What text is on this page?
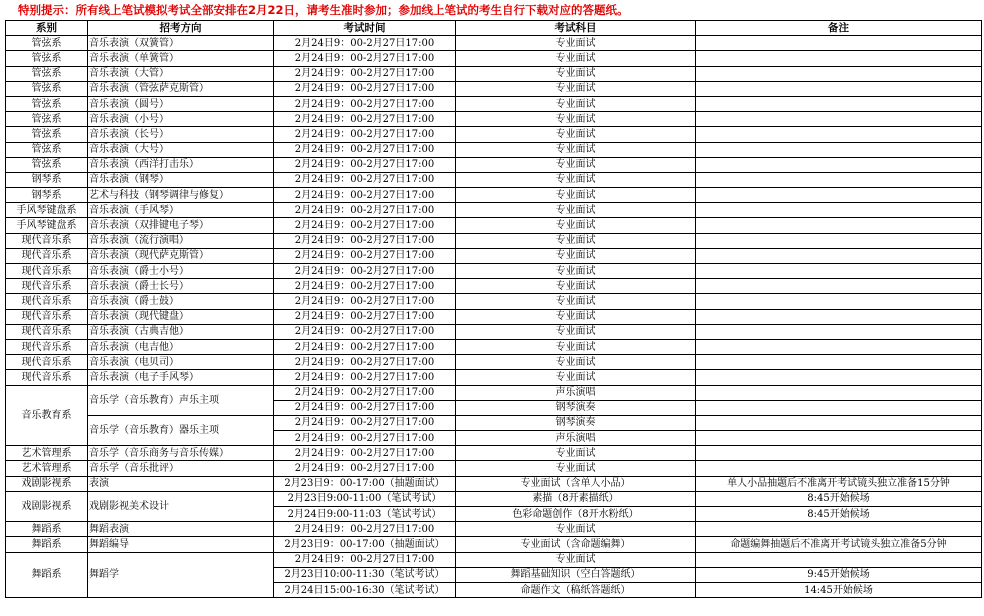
特别提示：所有线上笔试模拟考试全部安排在2月22日，请考生准时参加；参加线上笔试的考生自行下载对应的答题纸。
系别	招考方向	考试时间	考试科目	备注
管弦系	音乐表演（双簧管）	2月24日9：00-2月27日17:00	专业面试	
管弦系	音乐表演（单簧管）	2月24日9：00-2月27日17:00	专业面试	
管弦系	音乐表演（大管）	2月24日9：00-2月27日17:00	专业面试	
管弦系	音乐表演（管弦萨克斯管）	2月24日9：00-2月27日17:00	专业面试	
管弦系	音乐表演（圆号）	2月24日9：00-2月27日17:00	专业面试	
管弦系	音乐表演（小号）	2月24日9：00-2月27日17:00	专业面试	
管弦系	音乐表演（长号）	2月24日9：00-2月27日17:00	专业面试	
管弦系	音乐表演（大号）	2月24日9：00-2月27日17:00	专业面试	
管弦系	音乐表演（西洋打击乐）	2月24日9：00-2月27日17:00	专业面试	
钢琴系	音乐表演（钢琴）	2月24日9：00-2月27日17:00	专业面试	
钢琴系	艺术与科技（钢琴调律与修复）	2月24日9：00-2月27日17:00	专业面试	
手风琴键盘系	音乐表演（手风琴）	2月24日9：00-2月27日17:00	专业面试	
手风琴键盘系	音乐表演（双排键电子琴）	2月24日9：00-2月27日17:00	专业面试	
现代音乐系	音乐表演（流行演唱）	2月24日9：00-2月27日17:00	专业面试	
现代音乐系	音乐表演（现代萨克斯管）	2月24日9：00-2月27日17:00	专业面试	
现代音乐系	音乐表演（爵士小号）	2月24日9：00-2月27日17:00	专业面试	
现代音乐系	音乐表演（爵士长号）	2月24日9：00-2月27日17:00	专业面试	
现代音乐系	音乐表演（爵士鼓）	2月24日9：00-2月27日17:00	专业面试	
现代音乐系	音乐表演（现代键盘）	2月24日9：00-2月27日17:00	专业面试	
现代音乐系	音乐表演（古典吉他）	2月24日9：00-2月27日17:00	专业面试	
现代音乐系	音乐表演（电吉他）	2月24日9：00-2月27日17:00	专业面试	
现代音乐系	音乐表演（电贝司）	2月24日9：00-2月27日17:00	专业面试	
现代音乐系	音乐表演（电子手风琴）	2月24日9：00-2月27日17:00	专业面试	
音乐教育系	音乐学（音乐教育）声乐主项	2月24日9：00-2月27日17:00	声乐演唱	
		2月24日9：00-2月27日17:00	钢琴演奏	
	音乐学（音乐教育）器乐主项	2月24日9：00-2月27日17:00	钢琴演奏	
		2月24日9：00-2月27日17:00	声乐演唱	
艺术管理系	音乐学（音乐商务与音乐传媒）	2月24日9：00-2月27日17:00	专业面试	
艺术管理系	音乐学（音乐批评）	2月24日9：00-2月27日17:00	专业面试	
戏剧影视系	表演	2月23日9：00-17:00（抽题面试）	专业面试（含单人小品）	单人小品抽题后不准离开考试镜头独立准备15分钟
戏剧影视系	戏剧影视美术设计	2月23日9:00-11:00（笔试考试）	素描（8开素描纸）	8:45开始候场
		2月24日9:00-11:03（笔试考试）	色彩命题创作（8开水粉纸）	8:45开始候场
舞蹈系	舞蹈表演	2月24日9：00-2月27日17:00	专业面试	
舞蹈系	舞蹈编导	2月23日9：00-17:00（抽题面试）	专业面试（含命题编舞）	命题编舞抽题后不准离开考试镜头独立准备5分钟
舞蹈系	舞蹈学	2月24日9：00-2月27日17:00	专业面试	
		2月23日10:00-11:30（笔试考试）	舞蹈基础知识（空白答题纸）	9:45开始候场
		2月24日15:00-16:30（笔试考试）	命题作文（稿纸答题纸）	14:45开始候场
